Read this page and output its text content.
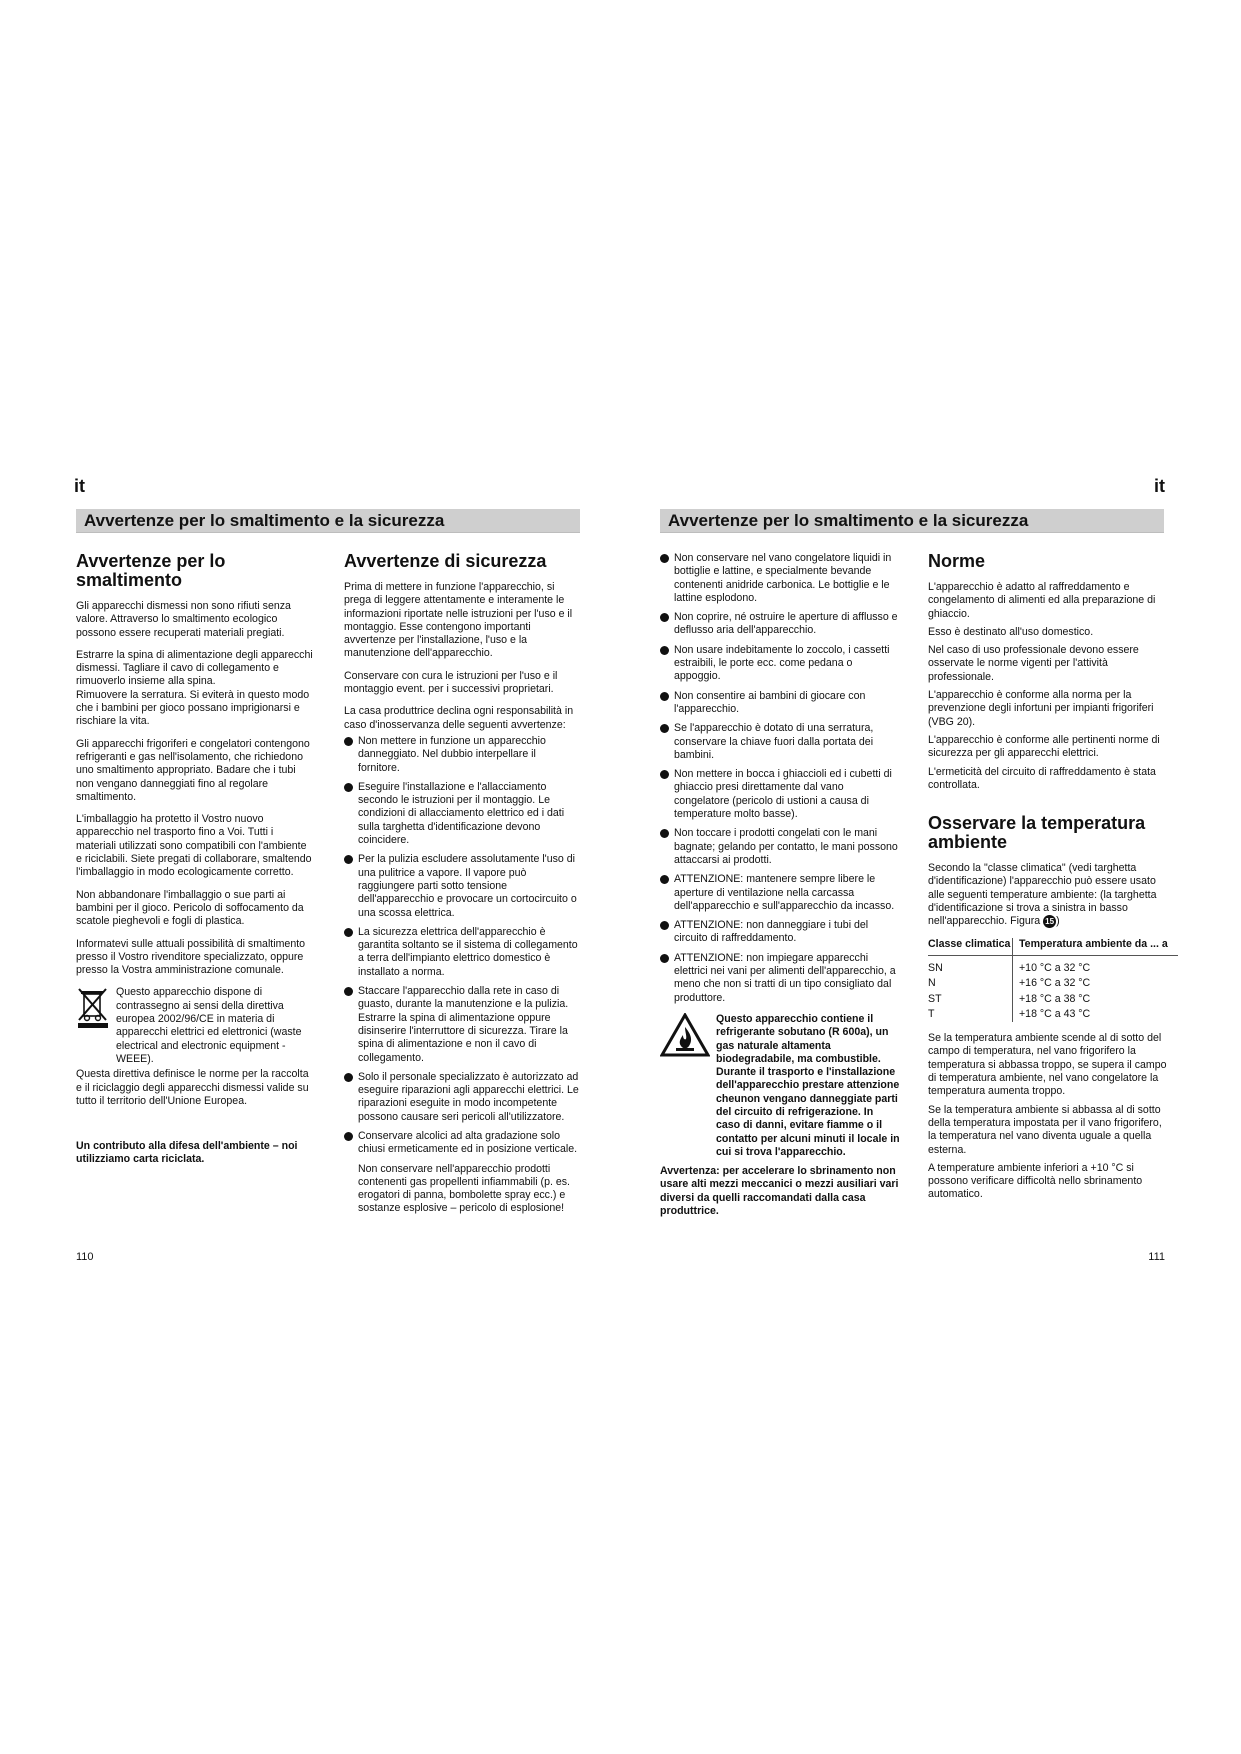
it
Avvertenze per lo smaltimento e la sicurezza
Avvertenze per lo smaltimento

Gli apparecchi dismessi non sono rifiuti senza valore. Attraverso lo smaltimento ecologico possono essere recuperati materiali pregiati.

Estrarre la spina di alimentazione degli apparecchi dismessi. Tagliare il cavo di collegamento e rimuoverlo insieme alla spina.
Rimuovere la serratura. Si eviterà in questo modo che i bambini per gioco possano imprigionarsi e rischiare la vita.

Gli apparecchi frigoriferi e congelatori contengono refrigeranti e gas nell'isolamento, che richiedono uno smaltimento appropriato. Badare che i tubi non vengano danneggiati fino al regolare smaltimento.

L'imballaggio ha protetto il Vostro nuovo apparecchio nel trasporto fino a Voi. Tutti i materiali utilizzati sono compatibili con l'ambiente e riciclabili. Siete pregati di collaborare, smaltendo l'imballaggio in modo ecologicamente corretto.

Non abbandonare l'imballaggio o sue parti ai bambini per il gioco. Pericolo di soffocamento da scatole pieghevoli e fogli di plastica.

Informatevi sulle attuali possibilità di smaltimento presso il Vostro rivenditore specializzato, oppure presso la Vostra amministrazione comunale.

Questo apparecchio dispone di contrassegno ai sensi della direttiva europea 2002/96/CE in materia di apparecchi elettrici ed elettronici (waste electrical and electronic equipment - WEEE).

Questa direttiva definisce le norme per la raccolta e il riciclaggio degli apparecchi dismessi valide su tutto il territorio dell'Unione Europea.

Un contributo alla difesa dell'ambiente – noi utilizziamo carta riciclata.

Avvertenze di sicurezza

Prima di mettere in funzione l'apparecchio, si prega di leggere attentamente e interamente le informazioni riportate nelle istruzioni per l'uso e il montaggio. Esse contengono importanti avvertenze per l'installazione, l'uso e la manutenzione dell'apparecchio.

Conservare con cura le istruzioni per l'uso e il montaggio event. per i successivi proprietari.

La casa produttrice declina ogni responsabilità in caso d'inosservanza delle seguenti avvertenze:

Non mettere in funzione un apparecchio danneggiato. Nel dubbio interpellare il fornitore.
Eseguire l'installazione e l'allacciamento secondo le istruzioni per il montaggio. Le condizioni di allacciamento elettrico ed i dati sulla targhetta d'identificazione devono coincidere.
Per la pulizia escludere assolutamente l'uso di una pulitrice a vapore. Il vapore può raggiungere parti sotto tensione dell'apparecchio e provocare un cortocircuito o una scossa elettrica.
La sicurezza elettrica dell'apparecchio è garantita soltanto se il sistema di collegamento a terra dell'impianto elettrico domestico è installato a norma.
Staccare l'apparecchio dalla rete in caso di guasto, durante la manutenzione e la pulizia. Estrarre la spina di alimentazione oppure disinserire l'interruttore di sicurezza. Tirare la spina di alimentazione e non il cavo di collegamento.
Solo il personale specializzato è autorizzato ad eseguire riparazioni agli apparecchi elettrici. Le riparazioni eseguite in modo incompetente possono causare seri pericoli all'utilizzatore.
Conservare alcolici ad alta gradazione solo chiusi ermeticamente ed in posizione verticale.

Non conservare nell'apparecchio prodotti contenenti gas propellenti infiammabili (p. es. erogatori di panna, bombolette spray ecc.) e sostanze esplosive – pericolo di esplosione!

110
it
Avvertenze per lo smaltimento e la sicurezza
Non conservare nel vano congelatore liquidi in bottiglie e lattine, e specialmente bevande contenenti anidride carbonica. Le bottiglie e le lattine esplodono.
Non coprire, né ostruire le aperture di afflusso e deflusso aria dell'apparecchio.
Non usare indebitamente lo zoccolo, i cassetti estraibili, le porte ecc. come pedana o appoggio.
Non consentire ai bambini di giocare con l'apparecchio.
Se l'apparecchio è dotato di una serratura, conservare la chiave fuori dalla portata dei bambini.
Non mettere in bocca i ghiaccioli ed i cubetti di ghiaccio presi direttamente dal vano congelatore (pericolo di ustioni a causa di temperature molto basse).
Non toccare i prodotti congelati con le mani bagnate; gelando per contatto, le mani possono attaccarsi ai prodotti.
ATTENZIONE: mantenere sempre libere le aperture di ventilazione nella carcassa dell'apparecchio e sull'apparecchio da incasso.
ATTENZIONE: non danneggiare i tubi del circuito di raffreddamento.
ATTENZIONE: non impiegare apparecchi elettrici nei vani per alimenti dell'apparecchio, a meno che non si tratti di un tipo consigliato dal produttore.
Questo apparecchio contiene il refrigerante sobutano (R 600a), un gas naturale altamenta biodegradabile, ma combustible. Durante il trasporto e l'installazione dell'apparecchio prestare attenzione cheunon vengano danneggiate parti del circuito di refrigerazione. In caso di danni, evitare fiamme o il contatto per alcuni minuti il locale in cui si trova l'apparecchio.

Avvertenza: per accelerare lo sbrinamento non usare alti mezzi meccanici o mezzi ausiliari vari diversi da quelli raccomandati dalla casa produttrice.

Norme

L'apparecchio è adatto al raffreddamento e congelamento di alimenti ed alla preparazione di ghiaccio.

Esso è destinato all'uso domestico.

Nel caso di uso professionale devono essere osservate le norme vigenti per l'attività professionale.

L'apparecchio è conforme alla norma per la prevenzione degli infortuni per impianti frigoriferi (VBG 20).

L'apparecchio è conforme alle pertinenti norme di sicurezza per gli apparecchi elettrici.

L'ermeticità del circuito di raffreddamento è stata controllata.

Osservare la temperatura ambiente

Secondo la "classe climatica" (vedi targhetta d'identificazione) l'apparecchio può essere usato alle seguenti temperature ambiente: (la targhetta d'identificazione si trova a sinistra in basso nell'apparecchio. Figura 15 )

Classe climatica	Temperatura ambiente da ... a
SN	+10 °C a 32 °C
N	+16 °C a 32 °C
ST	+18 °C a 38 °C
T	+18 °C a 43 °C

Se la temperatura ambiente scende al di sotto del campo di temperatura, nel vano frigorifero la temperatura si abbassa troppo, se supera il campo di temperatura ambiente, nel vano congelatore la temperatura aumenta troppo.

Se la temperatura ambiente si abbassa al di sotto della temperatura impostata per il vano frigorifero, la temperatura nel vano diventa uguale a quella esterna.

A temperature ambiente inferiori a +10 °C si possono verificare difficoltà nello sbrinamento automatico.

111
